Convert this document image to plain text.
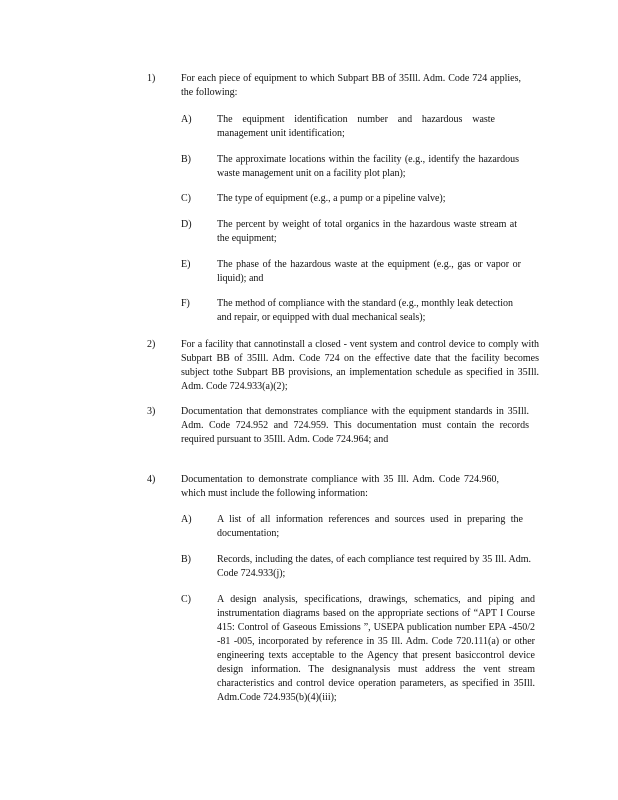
1)	For each piece of equipment to which Subpart BB of 35Ill. Adm. Code 724 applies, the following:
A)	The equipment identification number and hazardous waste management unit identification;
B)	The approximate locations within the facility (e.g., identify the hazardous waste management unit on a facility plot plan);
C)	The type of equipment (e.g., a pump or a pipeline valve);
D)	The percent by weight of total organics in the hazardous waste stream at the equipment;
E)	The phase of the hazardous waste at the equipment (e.g., gas or vapor or liquid); and
F)	The method of compliance with the standard (e.g., monthly leak detection and repair, or equipped with dual mechanical seals);
2)	For a facility that cannotinstall a closed - vent system and control device to comply with Subpart BB of 35Ill. Adm. Code 724 on the effective date that the facility becomes subject tothe Subpart BB provisions, an implementation schedule as specified in 35Ill. Adm. Code 724.933(a)(2);
3)	Documentation that demonstrates compliance with the equipment standards in 35Ill. Adm. Code 724.952 and 724.959. This documentation must contain the records required pursuant to 35Ill. Adm. Code 724.964; and
4)	Documentation to demonstrate compliance with 35 Ill. Adm. Code 724.960, which must include the following information:
A)	A list of all information references and sources used in preparing the documentation;
B)	Records, including the dates, of each compliance test required by 35 Ill. Adm. Code 724.933(j);
C)	A design analysis, specifications, drawings, schematics, and piping and instrumentation diagrams based on the appropriate sections of “APT I Course 415: Control of Gaseous Emissions ”, USEPA publication number EPA -450/2 -81 -005, incorporated by reference in 35 Ill. Adm. Code 720.111(a) or other engineering texts acceptable to the Agency that present basiccontrol device design information. The designanalysis must address the vent stream characteristics and control device operation parameters, as specified in 35Ill. Adm.Code 724.935(b)(4)(iii);
